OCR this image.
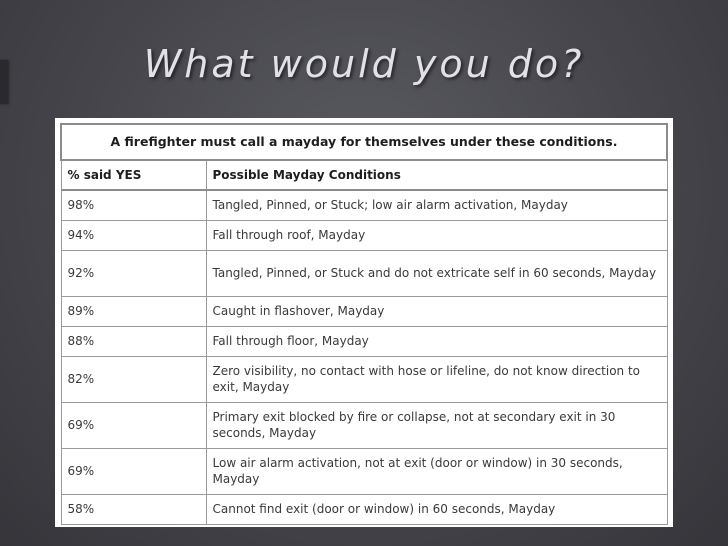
What would you do?
A firefighter must call a mayday for themselves under these conditions.	
% said YES	Possible Mayday Conditions
98%	Tangled, Pinned, or Stuck; low air alarm activation, Mayday
94%	Fall through roof, Mayday
92%	Tangled, Pinned, or Stuck and do not extricate self in 60 seconds, Mayday
89%	Caught in flashover, Mayday
88%	Fall through floor, Mayday
82%	Zero visibility, no contact with hose or lifeline, do not know direction to exit, Mayday
69%	Primary exit blocked by fire or collapse, not at secondary exit in 30 seconds, Mayday
69%	Low air alarm activation, not at exit (door or window) in 30 seconds, Mayday
58%	Cannot find exit (door or window) in 60 seconds, Mayday
